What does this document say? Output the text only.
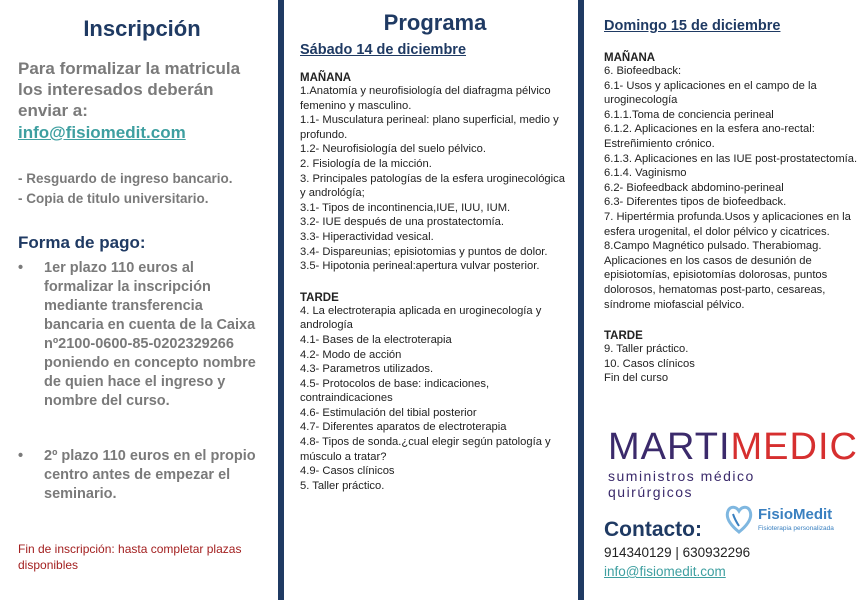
Inscripción

Para formalizar la matricula los interesados deberán enviar a:

info@fisiomedit.com
- Resguardo de ingreso bancario.
- Copia de titulo universitario.
Forma de pago:
• 1er plazo 110 euros al formalizar la inscripción mediante transferencia bancaria en cuenta de la Caixa nº2100-0600-85-0202329266 poniendo en concepto nombre de quien hace el ingreso y nombre del curso.
• 2º plazo 110 euros en el propio centro antes de empezar el seminario.
Fin de inscripción: hasta completar plazas disponibles
Programa
Sábado 14 de diciembre
MAÑANA
1.Anatomía y neurofisiología del diafragma pélvico femenino y masculino.
1.1- Musculatura perineal: plano superficial, medio y profundo.
1.2- Neurofisiología del suelo pélvico.
2. Fisiología de la micción.
3. Principales patologías de la esfera uroginecológica y andrológía;
3.1- Tipos de incontinencia,IUE, IUU, IUM.
3.2- IUE después de una prostatectomía.
3.3- Hiperactividad vesical.
3.4- Dispareunias; episiotomias y puntos de dolor.
3.5- Hipotonia perineal:apertura vulvar posterior.
TARDE
4. La electroterapia aplicada en uroginecología y andrología
4.1- Bases de la electroterapia
4.2- Modo de acción
4.3- Parametros utilizados.
4.5- Protocolos de base: indicaciones, contraindicaciones
4.6- Estimulación del tibial posterior
4.7- Diferentes aparatos de electroterapia
4.8- Tipos de sonda.¿cual elegir según patología y músculo a tratar?
4.9- Casos clínicos
5. Taller práctico.
Domingo 15 de diciembre
MAÑANA
6. Biofeedback:
6.1- Usos y aplicaciones en el campo de la uroginecología
6.1.1.Toma de conciencia perineal
6.1.2. Aplicaciones en la esfera ano-rectal: Estreñimiento crónico.
6.1.3. Aplicaciones en las IUE post-prostatectomía.
6.1.4. Vaginismo
6.2- Biofeedback abdomino-perineal
6.3- Diferentes tipos de biofeedback.
7. Hipertérmia profunda.Usos y aplicaciones en la esfera urogenital, el dolor pélvico y cicatrices.
8.Campo Magnético pulsado. Therabiomag. Aplicaciones en los casos de desunión de episiotomías, episiotomías dolorosas, puntos dolorosos, hematomas post-parto, cesareas, síndrome miofascial pélvico.
TARDE
9. Taller práctico.
10. Casos clínicos
Fin del curso
MARTIMEDIC
suministros médico quirúrgicos
FisioMedit
Fisioterapia personalizada
Contacto:
914340129 | 630932296
info@fisiomedit.com
